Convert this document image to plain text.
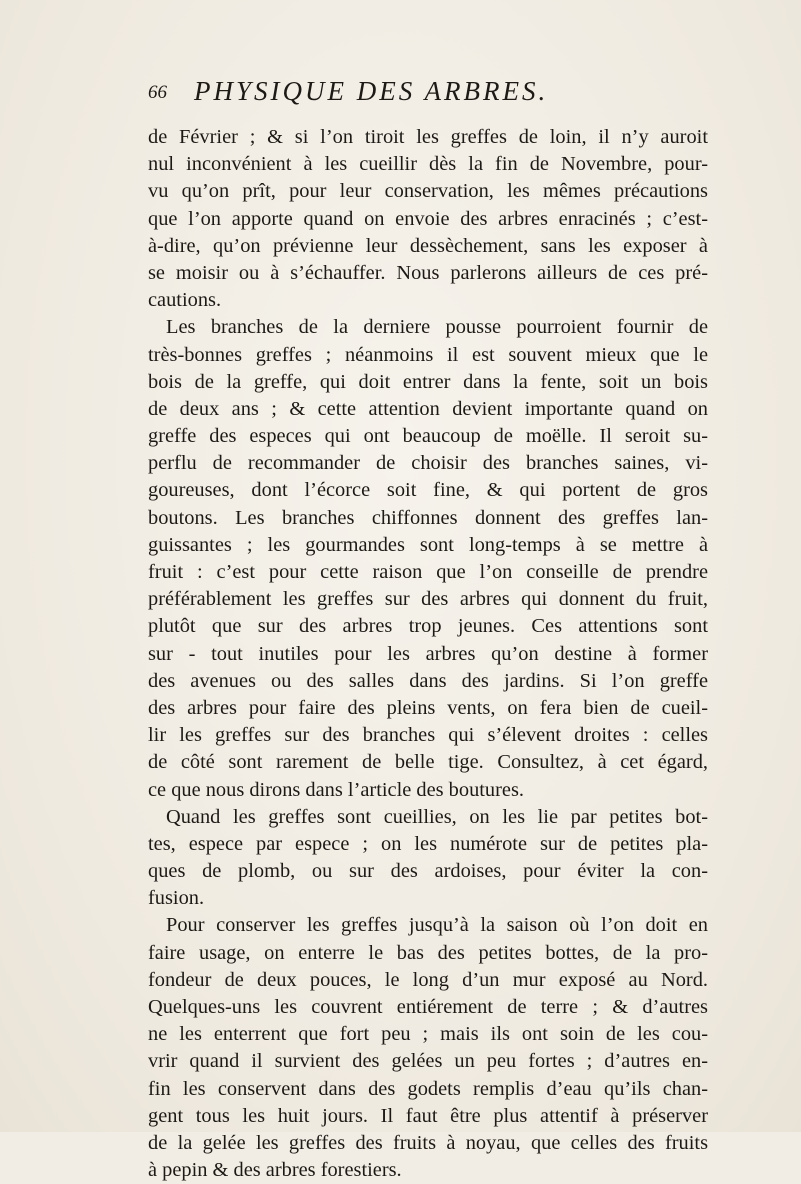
66 PHYSIQUE DES ARBRES.
de Février ; & si l’on tiroit les greffes de loin, il n’y auroit
nul inconvénient à les cueillir dès la fin de Novembre, pour-
vu qu’on prît, pour leur conservation, les mêmes précautions
que l’on apporte quand on envoie des arbres enracinés ; c’est-
à-dire, qu’on prévienne leur dessèchement, sans les exposer à
se moisir ou à s’échauffer. Nous parlerons ailleurs de ces pré-
cautions.
Les branches de la derniere pousse pourroient fournir de
très-bonnes greffes ; néanmoins il est souvent mieux que le
bois de la greffe, qui doit entrer dans la fente, soit un bois
de deux ans ; & cette attention devient importante quand on
greffe des especes qui ont beaucoup de moëlle. Il seroit su-
perflu de recommander de choisir des branches saines, vi-
goureuses, dont l’écorce soit fine, & qui portent de gros
boutons. Les branches chiffonnes donnent des greffes lan-
guissantes ; les gourmandes sont long-temps à se mettre à
fruit : c’est pour cette raison que l’on conseille de prendre
préférablement les greffes sur des arbres qui donnent du fruit,
plutôt que sur des arbres trop jeunes. Ces attentions sont
sur - tout inutiles pour les arbres qu’on destine à former
des avenues ou des salles dans des jardins. Si l’on greffe
des arbres pour faire des pleins vents, on fera bien de cueil-
lir les greffes sur des branches qui s’élevent droites : celles
de côté sont rarement de belle tige. Consultez, à cet égard,
ce que nous dirons dans l’article des boutures.
Quand les greffes sont cueillies, on les lie par petites bot-
tes, espece par espece ; on les numérote sur de petites pla-
ques de plomb, ou sur des ardoises, pour éviter la con-
fusion.
Pour conserver les greffes jusqu’à la saison où l’on doit en
faire usage, on enterre le bas des petites bottes, de la pro-
fondeur de deux pouces, le long d’un mur exposé au Nord.
Quelques-uns les couvrent entiérement de terre ; & d’autres
ne les enterrent que fort peu ; mais ils ont soin de les cou-
vrir quand il survient des gelées un peu fortes ; d’autres en-
fin les conservent dans des godets remplis d’eau qu’ils chan-
gent tous les huit jours. Il faut être plus attentif à préserver
de la gelée les greffes des fruits à noyau, que celles des fruits
à pepin & des arbres forestiers.
